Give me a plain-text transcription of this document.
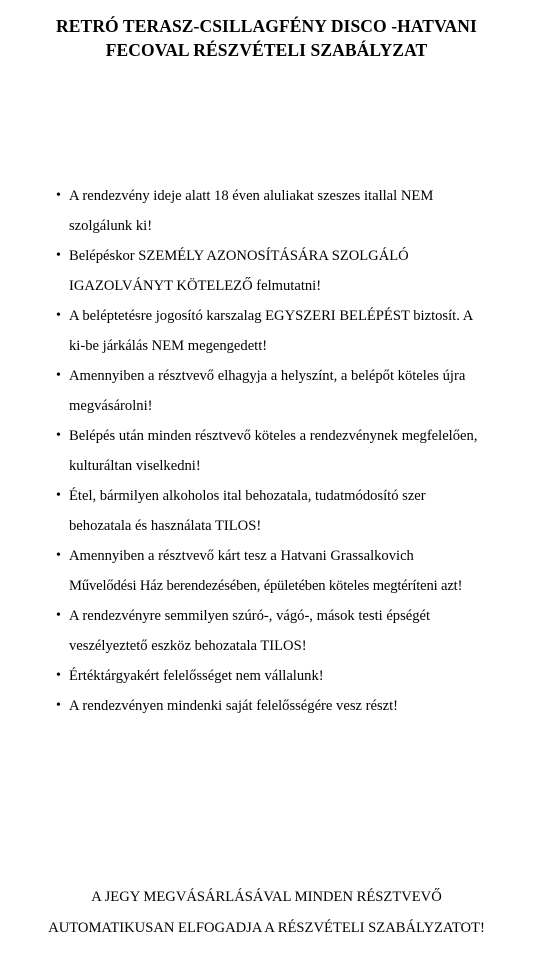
RETRÓ TERASZ-CSILLAGFÉNY DISCO -HATVANI
FECOVAL RÉSZVÉTELI SZABÁLYZAT
• A rendezvény ideje alatt 18 éven aluliakat szeszes itallal NEM
szolgálunk ki!
• Belépéskor SZEMÉLY AZONOSÍTÁSÁRA SZOLGÁLÓ
IGAZOLVÁNYT KÖTELEZŐ felmutatni!
• A beléptetésre jogosító karszalag EGYSZERI BELÉPÉST biztosít. A
ki-be járkálás NEM megengedett!
• Amennyiben a résztvevő elhagyja a helyszínt, a belépőt köteles újra
megvásárolni!
• Belépés után minden résztvevő köteles a rendezvénynek megfelelően,
kulturáltan viselkedni!
• Étel, bármilyen alkoholos ital behozatala, tudatmódosító szer
behozatala és használata TILOS!
• Amennyiben a résztvevő kárt tesz a Hatvani Grassalkovich
Művelődési Ház berendezésében, épületében köteles megtéríteni azt!
• A rendezvényre semmilyen szúró-, vágó-, mások testi épségét
veszélyeztető eszköz behozatala TILOS!
• Értéktárgyakért felelősséget nem vállalunk!
• A rendezvényen mindenki saját felelősségére vesz részt!
A JEGY MEGVÁSÁRLÁSÁVAL MINDEN RÉSZTVEVŐ
AUTOMATIKUSAN ELFOGADJA A RÉSZVÉTELI SZABÁLYZATOT!
